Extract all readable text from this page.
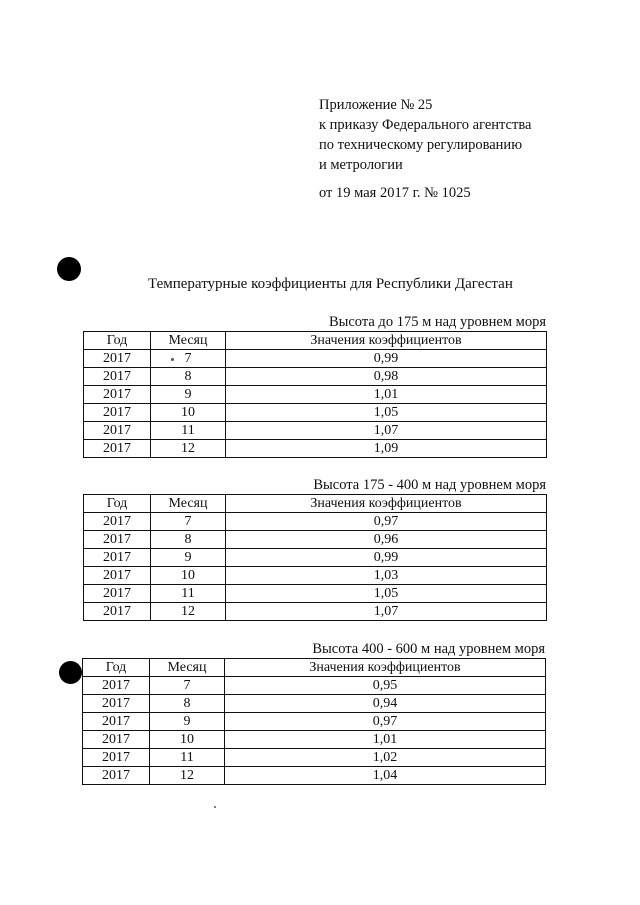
Приложение № 25
к приказу Федерального агентства
по техническому регулированию
и метрологии
от 19 мая 2017 г. № 1025
Температурные коэффициенты для Республики Дагестан
Высота до 175 м над уровнем моря
Год	Месяц	Значения коэффициентов
2017	7	0,99
2017	8	0,98
2017	9	1,01
2017	10	1,05
2017	11	1,07
2017	12	1,09
Высота 175 - 400 м над уровнем моря
Год	Месяц	Значения коэффициентов
2017	7	0,97
2017	8	0,96
2017	9	0,99
2017	10	1,03
2017	11	1,05
2017	12	1,07
Высота 400 - 600 м над уровнем моря
Год	Месяц	Значения коэффициентов
2017	7	0,95
2017	8	0,94
2017	9	0,97
2017	10	1,01
2017	11	1,02
2017	12	1,04
